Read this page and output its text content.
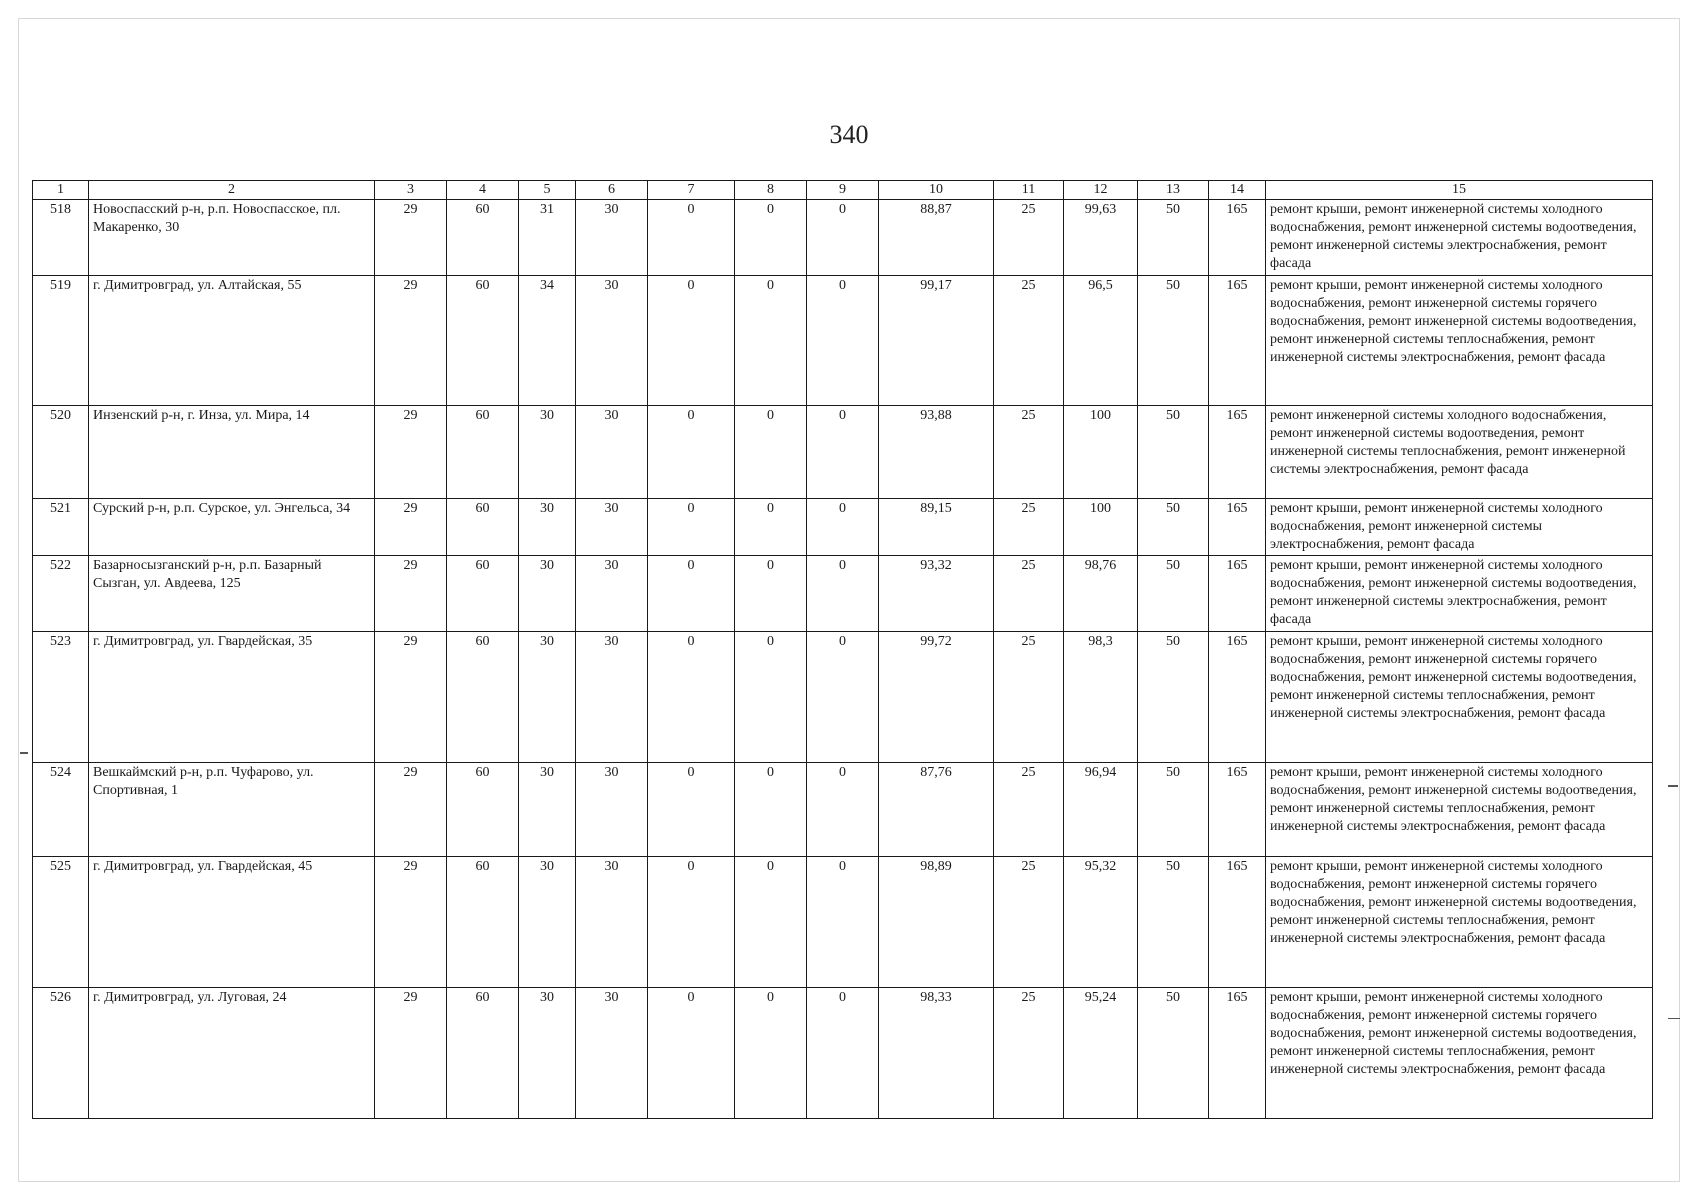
340
1	2	3	4	5	6	7	8	9	10	11	12	13	14	15
518	Новоспасский р-н, р.п. Новоспасское, пл. Макаренко, 30	29	60	31	30	0	0	0	88,87	25	99,63	50	165	ремонт крыши, ремонт инженерной системы холодного водоснабжения, ремонт инженерной системы водоотведения, ремонт инженерной системы электроснабжения, ремонт фасада
519	г. Димитровград, ул. Алтайская, 55	29	60	34	30	0	0	0	99,17	25	96,5	50	165	ремонт крыши, ремонт инженерной системы холодного водоснабжения, ремонт инженерной системы горячего водоснабжения, ремонт инженерной системы водоотведения, ремонт инженерной системы теплоснабжения, ремонт инженерной системы электроснабжения, ремонт фасада
520	Инзенский р-н, г. Инза, ул. Мира, 14	29	60	30	30	0	0	0	93,88	25	100	50	165	ремонт инженерной системы холодного водоснабжения, ремонт инженерной системы водоотведения, ремонт инженерной системы теплоснабжения, ремонт инженерной системы электроснабжения, ремонт фасада
521	Сурский р-н, р.п. Сурское, ул. Энгельса, 34	29	60	30	30	0	0	0	89,15	25	100	50	165	ремонт крыши, ремонт инженерной системы холодного водоснабжения, ремонт инженерной системы электроснабжения, ремонт фасада
522	Базарносызганский р-н, р.п. Базарный Сызган, ул. Авдеева, 125	29	60	30	30	0	0	0	93,32	25	98,76	50	165	ремонт крыши, ремонт инженерной системы холодного водоснабжения, ремонт инженерной системы водоотведения, ремонт инженерной системы электроснабжения, ремонт фасада
523	г. Димитровград, ул. Гвардейская, 35	29	60	30	30	0	0	0	99,72	25	98,3	50	165	ремонт крыши, ремонт инженерной системы холодного водоснабжения, ремонт инженерной системы горячего водоснабжения, ремонт инженерной системы водоотведения, ремонт инженерной системы теплоснабжения, ремонт инженерной системы электроснабжения, ремонт фасада
524	Вешкаймский р-н, р.п. Чуфарово, ул. Спортивная, 1	29	60	30	30	0	0	0	87,76	25	96,94	50	165	ремонт крыши, ремонт инженерной системы холодного водоснабжения, ремонт инженерной системы водоотведения, ремонт инженерной системы теплоснабжения, ремонт инженерной системы электроснабжения, ремонт фасада
525	г. Димитровград, ул. Гвардейская, 45	29	60	30	30	0	0	0	98,89	25	95,32	50	165	ремонт крыши, ремонт инженерной системы холодного водоснабжения, ремонт инженерной системы горячего водоснабжения, ремонт инженерной системы водоотведения, ремонт инженерной системы теплоснабжения, ремонт инженерной системы электроснабжения, ремонт фасада
526	г. Димитровград, ул. Луговая, 24	29	60	30	30	0	0	0	98,33	25	95,24	50	165	ремонт крыши, ремонт инженерной системы холодного водоснабжения, ремонт инженерной системы горячего водоснабжения, ремонт инженерной системы водоотведения, ремонт инженерной системы теплоснабжения, ремонт инженерной системы электроснабжения, ремонт фасада
